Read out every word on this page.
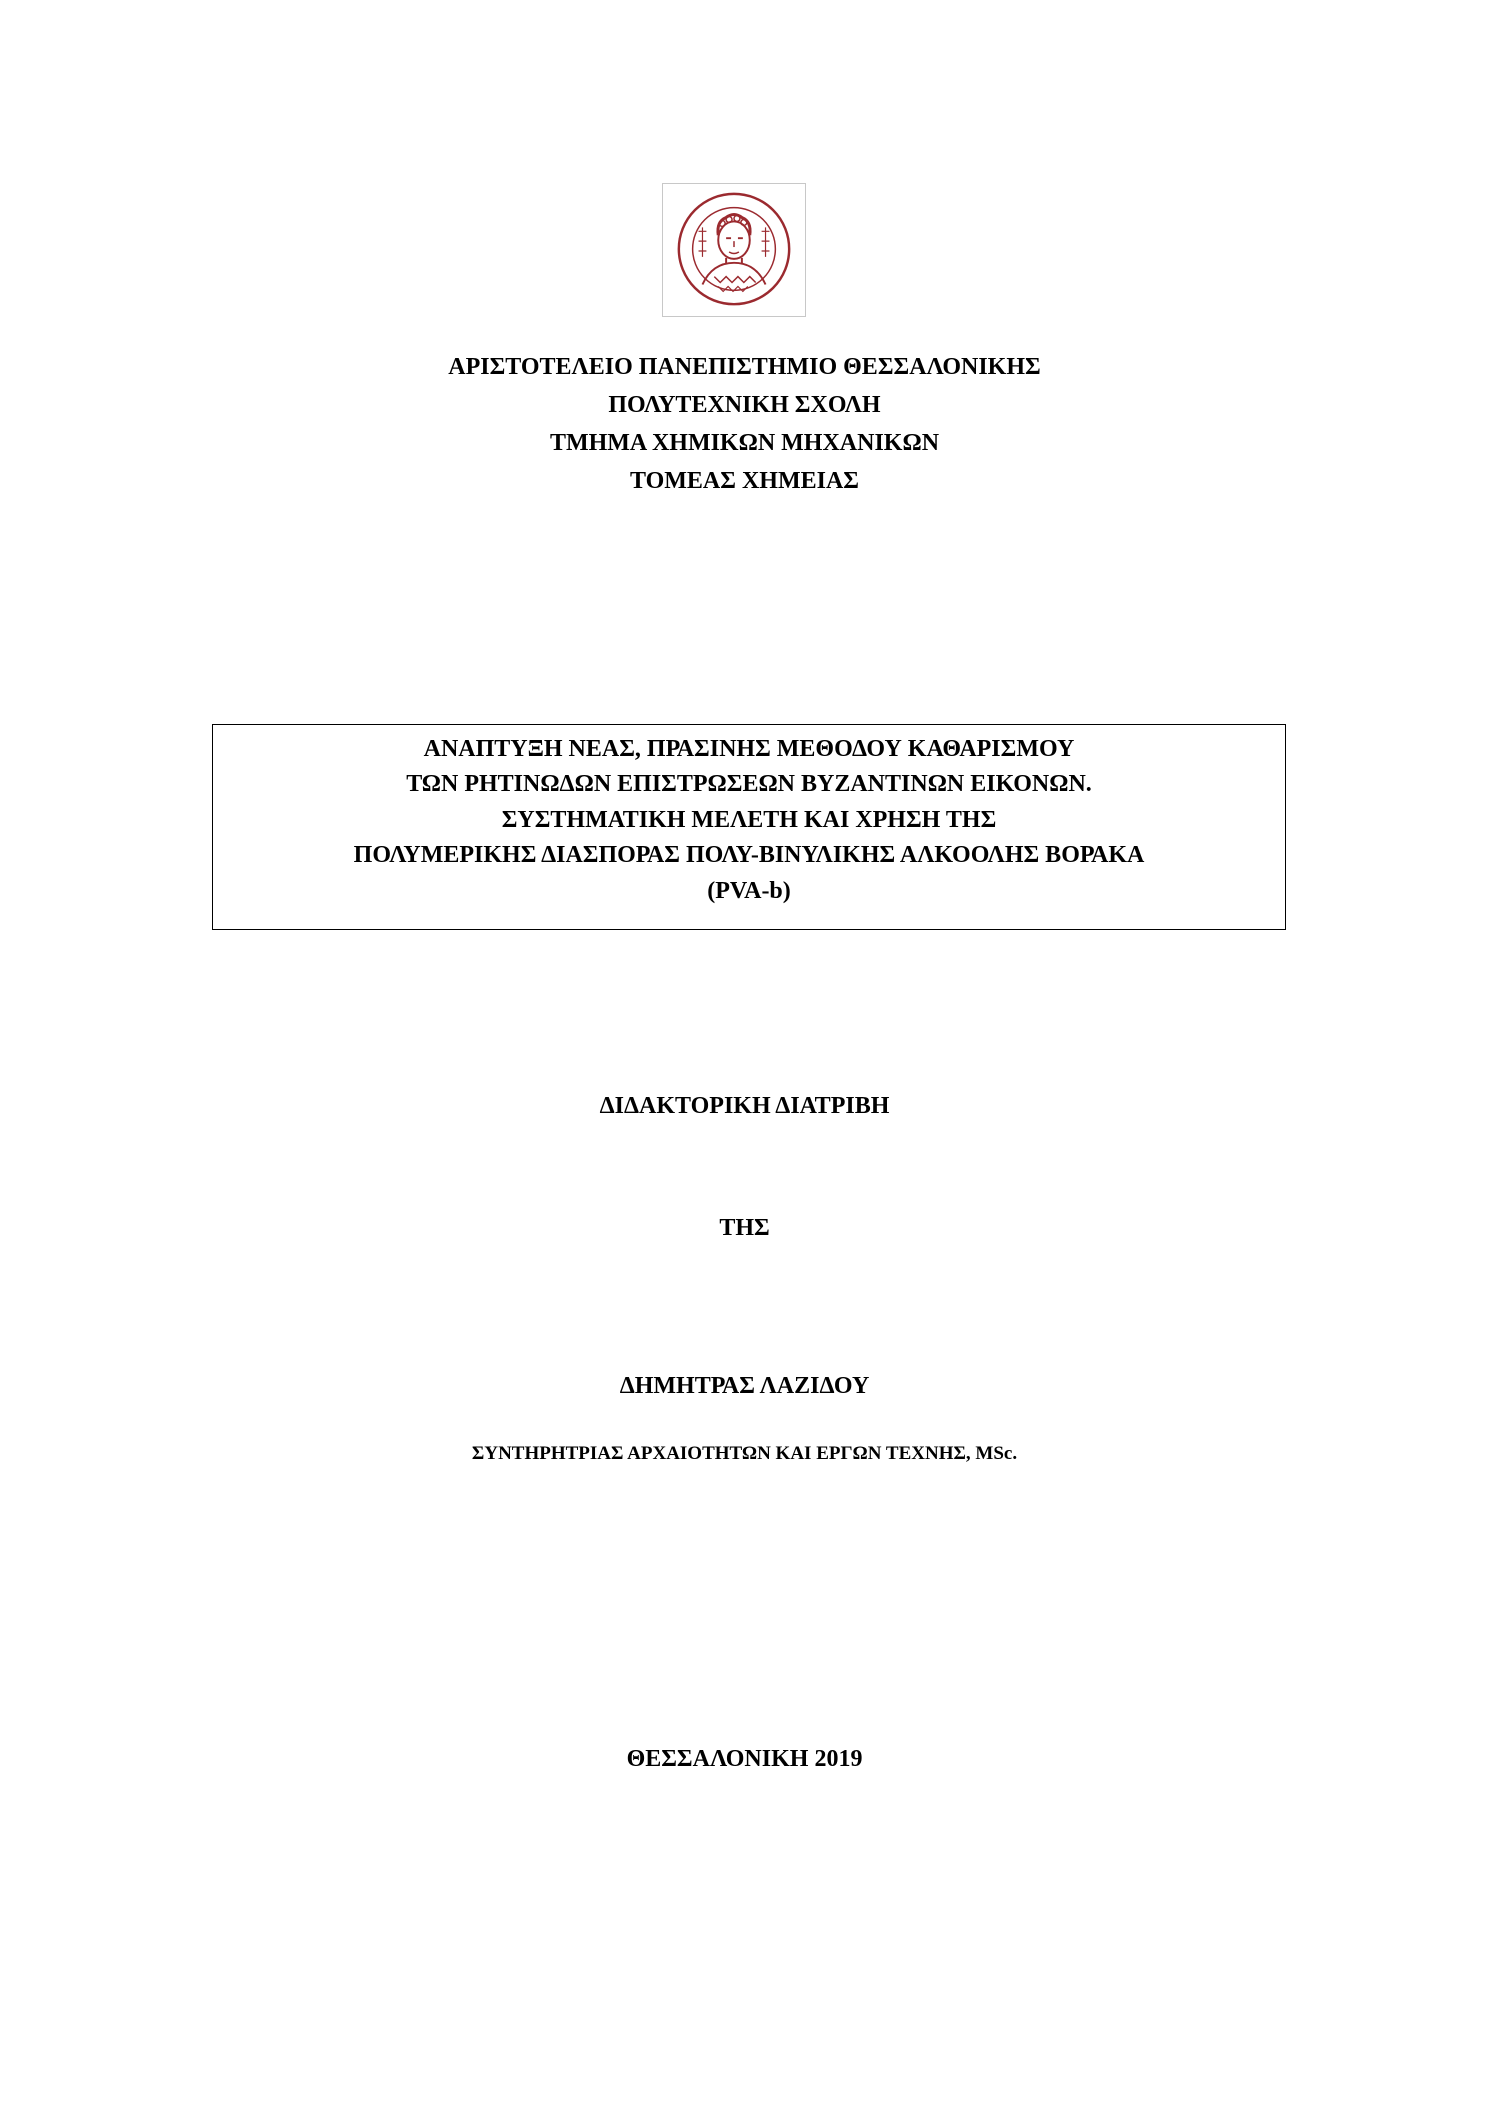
ΑΡΙΣΤΟΤΕΛΕΙΟ ΠΑΝΕΠΙΣΤΗΜΙΟ ΘΕΣΣΑΛΟΝΙΚΗΣ
ΠΟΛΥΤΕΧΝΙΚΗ ΣΧΟΛΗ
ΤΜΗΜΑ ΧΗΜΙΚΩΝ ΜΗΧΑΝΙΚΩΝ
ΤΟΜΕΑΣ ΧΗΜΕΙΑΣ
ΑΝΑΠΤΥΞΗ ΝΕΑΣ, ΠΡΑΣΙΝΗΣ ΜΕΘΟΔΟΥ ΚΑΘΑΡΙΣΜΟΥ
ΤΩΝ ΡΗΤΙΝΩΔΩΝ ΕΠΙΣΤΡΩΣΕΩΝ ΒΥΖΑΝΤΙΝΩΝ ΕΙΚΟΝΩΝ.
ΣΥΣΤΗΜΑΤΙΚΗ ΜΕΛΕΤΗ ΚΑΙ ΧΡΗΣΗ ΤΗΣ
ΠΟΛΥΜΕΡΙΚΗΣ ΔΙΑΣΠΟΡΑΣ ΠΟΛΥ-ΒΙΝΥΛΙΚΗΣ ΑΛΚΟΟΛΗΣ ΒΟΡΑΚΑ
(PVA-b)
ΔΙΔΑΚΤΟΡΙΚΗ ΔΙΑΤΡΙΒΗ
ΤΗΣ
ΔΗΜΗΤΡΑΣ ΛΑΖΙΔΟΥ
ΣΥΝΤΗΡΗΤΡΙΑΣ ΑΡΧΑΙΟΤΗΤΩΝ ΚΑΙ ΕΡΓΩΝ ΤΕΧΝΗΣ, MSc.
ΘΕΣΣΑΛΟΝΙΚΗ 2019
